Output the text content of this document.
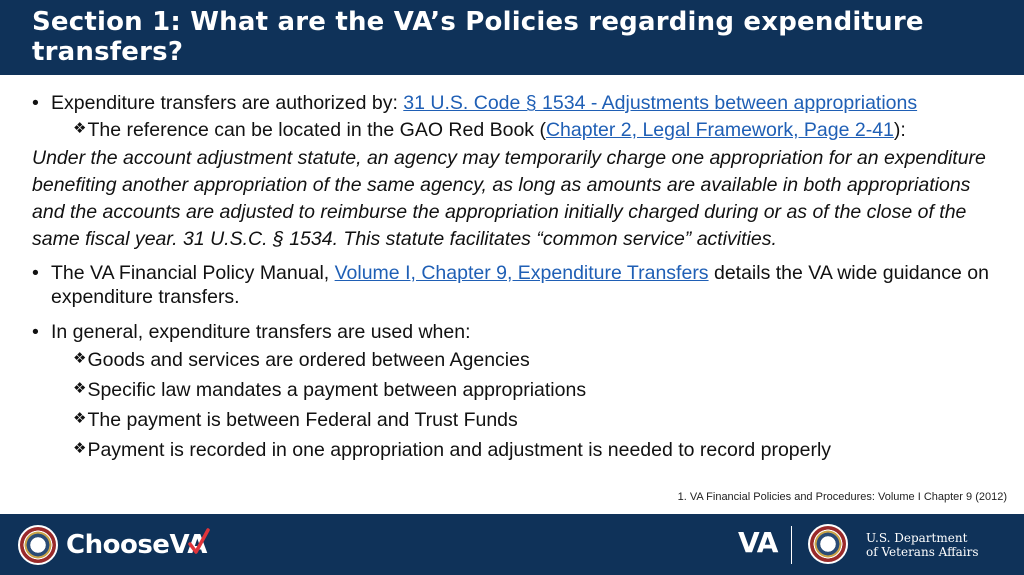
Section 1: What are the VA’s Policies regarding expenditure transfers?
• Expenditure transfers are authorized by: 31 U.S. Code § 1534 - Adjustments between appropriations
❖The reference can be located in the GAO Red Book (Chapter 2, Legal Framework, Page 2-41):
Under the account adjustment statute, an agency may temporarily charge one appropriation for an expenditure benefiting another appropriation of the same agency, as long as amounts are available in both appropriations and the accounts are adjusted to reimburse the appropriation initially charged during or as of the close of the same fiscal year. 31 U.S.C. § 1534. This statute facilitates “common service” activities.
• The VA Financial Policy Manual, Volume I, Chapter 9, Expenditure Transfers details the VA wide guidance on expenditure transfers.
• In general, expenditure transfers are used when:
❖Goods and services are ordered between Agencies
❖Specific law mandates a payment between appropriations
❖The payment is between Federal and Trust Funds
❖Payment is recorded in one appropriation and adjustment is needed to record properly
1. VA Financial Policies and Procedures: Volume I Chapter 9 (2012)
ChooseVA	VA	U.S. Department
of Veterans Affairs
